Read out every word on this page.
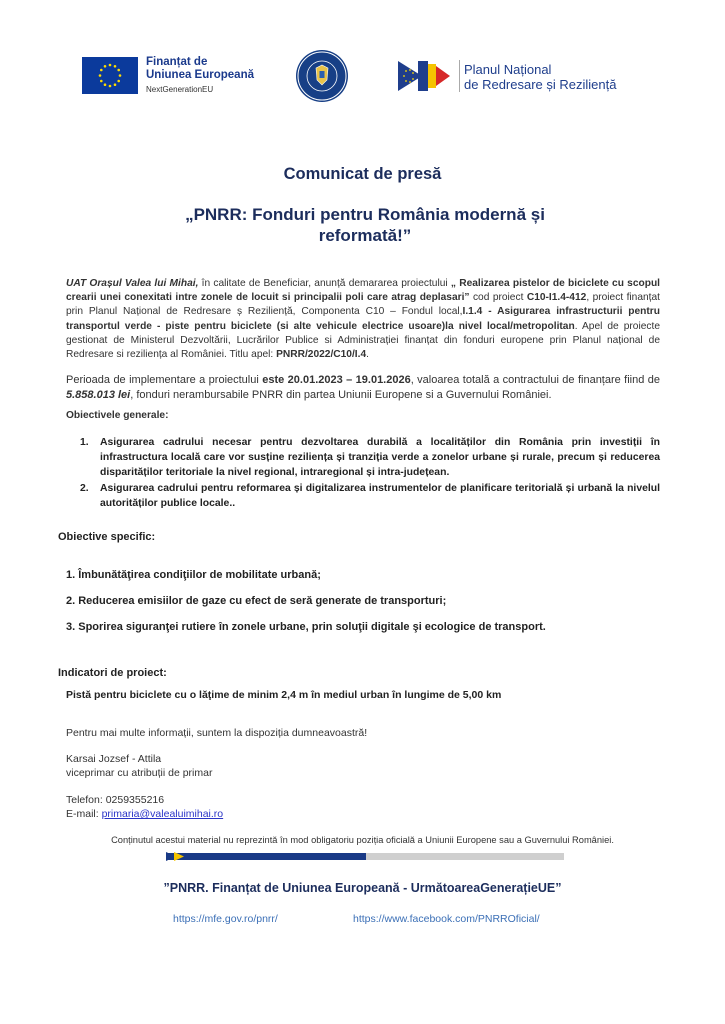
Finanțat de
Uniunea Europeană
NextGenerationEU
Planul Național
de Redresare și Reziliență
Comunicat de presă
„PNRR: Fonduri pentru România modernă și reformată!”
UAT Orașul Valea lui Mihai, în calitate de Beneficiar, anunță demararea proiectului „ Realizarea pistelor de biciclete cu scopul crearii unei conexitati intre zonele de locuit si principalii poli care atrag deplasari” cod proiect C10-I1.4-412, proiect finanțat prin Planul Național de Redresare ș Reziliență, Componenta C10 – Fondul local,I.1.4 - Asigurarea infrastructurii pentru transportul verde - piste pentru biciclete (si alte vehicule electrice usoare)la nivel local/metropolitan. Apel de proiecte gestionat de Ministerul Dezvoltării, Lucrărilor Publice si Administrației finanțat din fonduri europene prin Planul național de Redresare si reziliența al României. Titlu apel: PNRR/2022/C10/I.4.
Perioada de implementare a proiectului este 20.01.2023 – 19.01.2026, valoarea totală a contractului de finanțare fiind de 5.858.013 lei, fonduri nerambursabile PNRR din partea Uniunii Europene si a Guvernului României.
Obiectivele generale:
1.	Asigurarea cadrului necesar pentru dezvoltarea durabilă a localităților din România prin investiții în infrastructura locală care vor susține reziliența și tranziția verde a zonelor urbane și rurale, precum și reducerea disparităților teritoriale la nivel regional, intraregional și intra-județean.
2.	Asigurarea cadrului pentru reformarea și digitalizarea instrumentelor de planificare teritorială și urbană la nivelul autorităților publice locale..
Obiective specific:
1. Îmbunătăţirea condiţiilor de mobilitate urbană;
2. Reducerea emisiilor de gaze cu efect de seră generate de transporturi;
3. Sporirea siguranţei rutiere în zonele urbane, prin soluţii digitale şi ecologice de transport.
Indicatori de proiect:
Pistă pentru biciclete cu o lăţime de minim 2,4 m în mediul urban în lungime de 5,00 km
Pentru mai multe informații, suntem la dispoziția dumneavoastră!
Karsai Jozsef - Attila
viceprimar cu atribuții de primar
Telefon: 0259355216
E-mail: primaria@valealuimihai.ro
Conținutul acestui material nu reprezintă în mod obligatoriu poziția oficială a Uniunii Europene sau a Guvernului României.
”PNRR. Finanțat de Uniunea Europeană - UrmătoareaGenerațieUE”
https://mfe.gov.ro/pnrr/	https://www.facebook.com/PNRROficial/
